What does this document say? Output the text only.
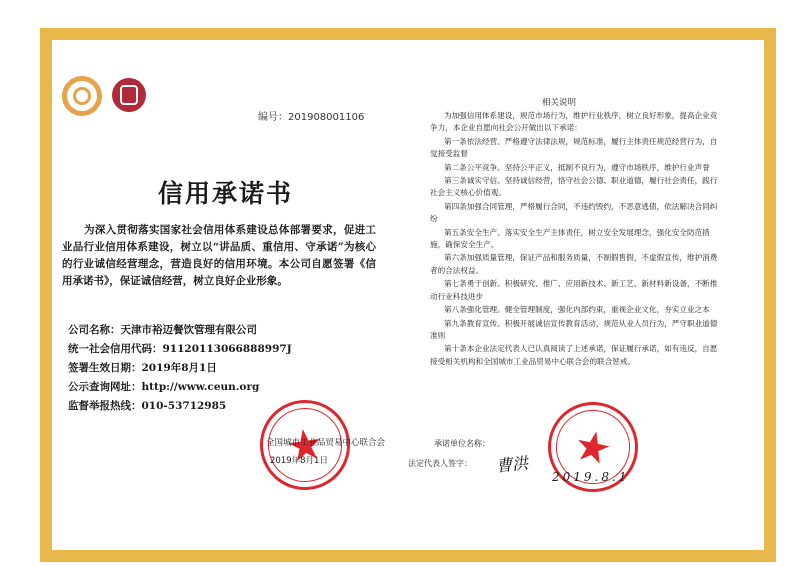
编号：201908001106
信用承诺书
为深入贯彻落实国家社会信用体系建设总体部署要求，促进工业品行业信用体系建设，树立以“讲品质、重信用、守承诺”为核心的行业诚信经营理念，营造良好的信用环境。本公司自愿签署《信用承诺书》，保证诚信经营，树立良好企业形象。
公司名称：天津市裕迈餐饮管理有限公司
统一社会信用代码：91120113066888997J
签署生效日期：2019年8月1日
公示查询网址：http://www.ceun.org
监督举报热线：010-53712985
全国城市工业品贸易中心联合会
2019年8月1日
相关说明

为加强信用体系建设，规范市场行为，维护行业秩序，树立良好形象，提高企业竞争力，本企业自愿向社会公开做出以下承诺：

第一条依法经营。严格遵守法律法规，规范标准，履行主体责任规范经营行为，自觉接受监督

第二条公平竞争。坚持公平正义，抵制不良行为，遵守市场秩序，维护行业声誉

第三条诚实守信。坚持诚信经营，恪守社会公德、职业道德，履行社会责任，践行社会主义核心价值观。

第四条加强合同管理，严格履行合同，不违约毁约，不恶意逃债，依法解决合同纠纷

第五条安全生产。落实安全生产主体责任，树立安全发展理念，强化安全防范措施，确保安全生产。

第六条加强质量管理，保证产品和服务质量，不制假售假，不虚假宣传，维护消费者的合法权益。

第七条勇于创新。积极研究、推广、应用新技术、新工艺、新材料新设备，不断推动行业科技进步

第八条强化管理。健全管理制度，强化内部约束，重视企业文化，夯实立业之本

第九条教育宣传。积极开展诚信宣传教育活动，规范从业人员行为，严守职业道德准则

第十条本企业法定代表人已认真阅读了上述承诺，保证履行承诺，如有违反，自愿接受相关机构和全国城市工业品贸易中心联合会的联合惩戒。

承诺单位名称：
法定代表人签字： 曹洪
2019.8.1
